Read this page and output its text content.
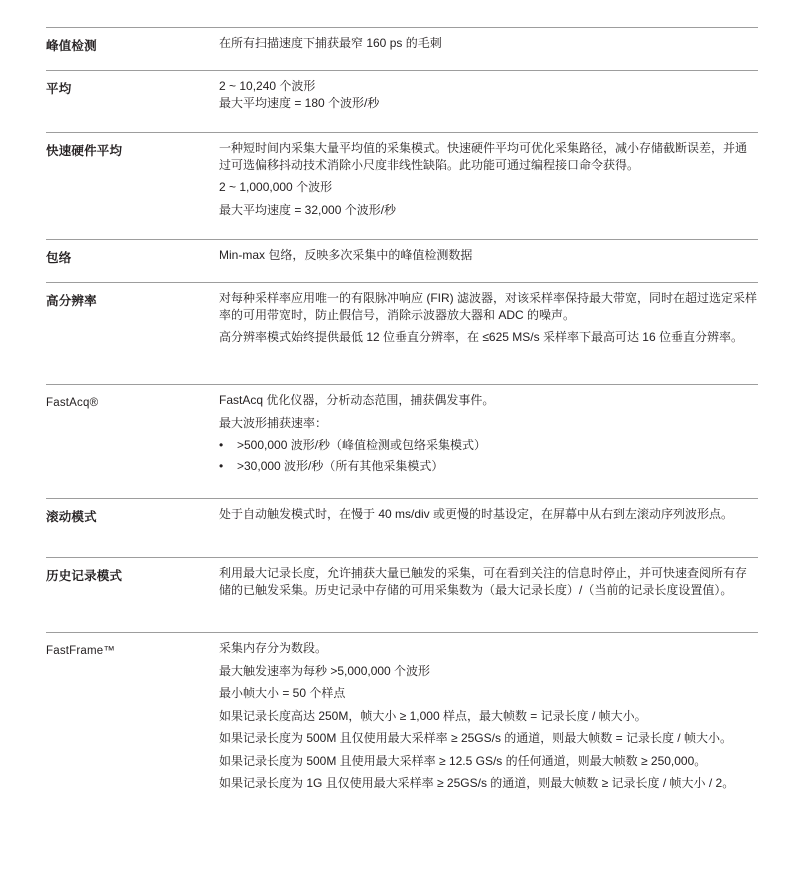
峰值检测	在所有扫描速度下捕获最窄 160 ps 的毛刺

平均	2 ~ 10,240 个波形
最大平均速度 = 180 个波形/秒

快速硬件平均	一种短时间内采集大量平均值的采集模式。快速硬件平均可优化采集路径，减小存储截断误差，并通过可选偏移抖动技术消除小尺度非线性缺陷。此功能可通过编程接口命令获得。

2 ~ 1,000,000 个波形

最大平均速度 = 32,000 个波形/秒

包络	Min-max 包络，反映多次采集中的峰值检测数据

高分辨率	对每种采样率应用唯一的有限脉冲响应 (FIR) 滤波器，对该采样率保持最大带宽，同时在超过选定采样率的可用带宽时，防止假信号，消除示波器放大器和 ADC 的噪声。

高分辨率模式始终提供最低 12 位垂直分辨率，在 ≤625 MS/s 采样率下最高可达 16 位垂直分辨率。

FastAcq®	FastAcq 优化仪器，分析动态范围，捕获偶发事件。

最大波形捕获速率：

• >500,000 波形/秒（峰值检测或包络采集模式）
• >30,000 波形/秒（所有其他采集模式）
滚动模式	处于自动触发模式时，在慢于 40 ms/div 或更慢的时基设定，在屏幕中从右到左滚动序列波形点。

历史记录模式	利用最大记录长度，允许捕获大量已触发的采集，可在看到关注的信息时停止，并可快速查阅所有存储的已触发采集。历史记录中存储的可用采集数为（最大记录长度）/（当前的记录长度设置值）。

FastFrame™	采集内存分为数段。

最大触发速率为每秒 >5,000,000 个波形

最小帧大小 = 50 个样点

如果记录长度高达 250M，帧大小 ≥ 1,000 样点，最大帧数 = 记录长度 / 帧大小。

如果记录长度为 500M 且仅使用最大采样率 ≥ 25GS/s 的通道，则最大帧数 = 记录长度 / 帧大小。

如果记录长度为 500M 且使用最大采样率 ≥ 12.5 GS/s 的任何通道，则最大帧数 ≥ 250,000。

如果记录长度为 1G 且仅使用最大采样率 ≥ 25GS/s 的通道，则最大帧数 ≥ 记录长度 / 帧大小 / 2。
